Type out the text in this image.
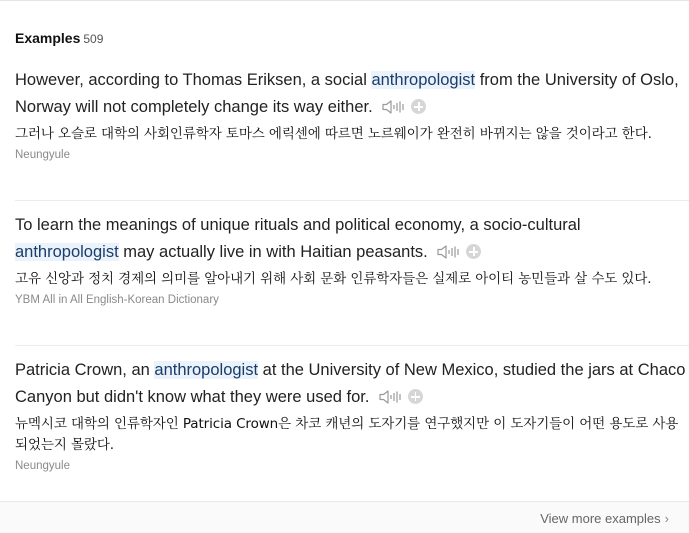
Examples 509
However, according to Thomas Eriksen, a social anthropologist from the University of Oslo, Norway will not completely change its way either.
그러나 오슬로 대학의 사회인류학자 토마스 에릭센에 따르면 노르웨이가 완전히 바뀌지는 않을 것이라고 한다.
Neungyule
To learn the meanings of unique rituals and political economy, a socio-cultural anthropologist may actually live in with Haitian peasants.
고유 신앙과 정치 경제의 의미를 알아내기 위해 사회 문화 인류학자들은 실제로 아이티 농민들과 살 수도 있다.
YBM All in All English-Korean Dictionary
Patricia Crown, an anthropologist at the University of New Mexico, studied the jars at Chaco Canyon but didn't know what they were used for.
뉴멕시코 대학의 인류학자인 Patricia Crown은 차코 캐년의 도자기를 연구했지만 이 도자기들이 어떤 용도로 사용되었는지 몰랐다.
Neungyule
View more examples ›
